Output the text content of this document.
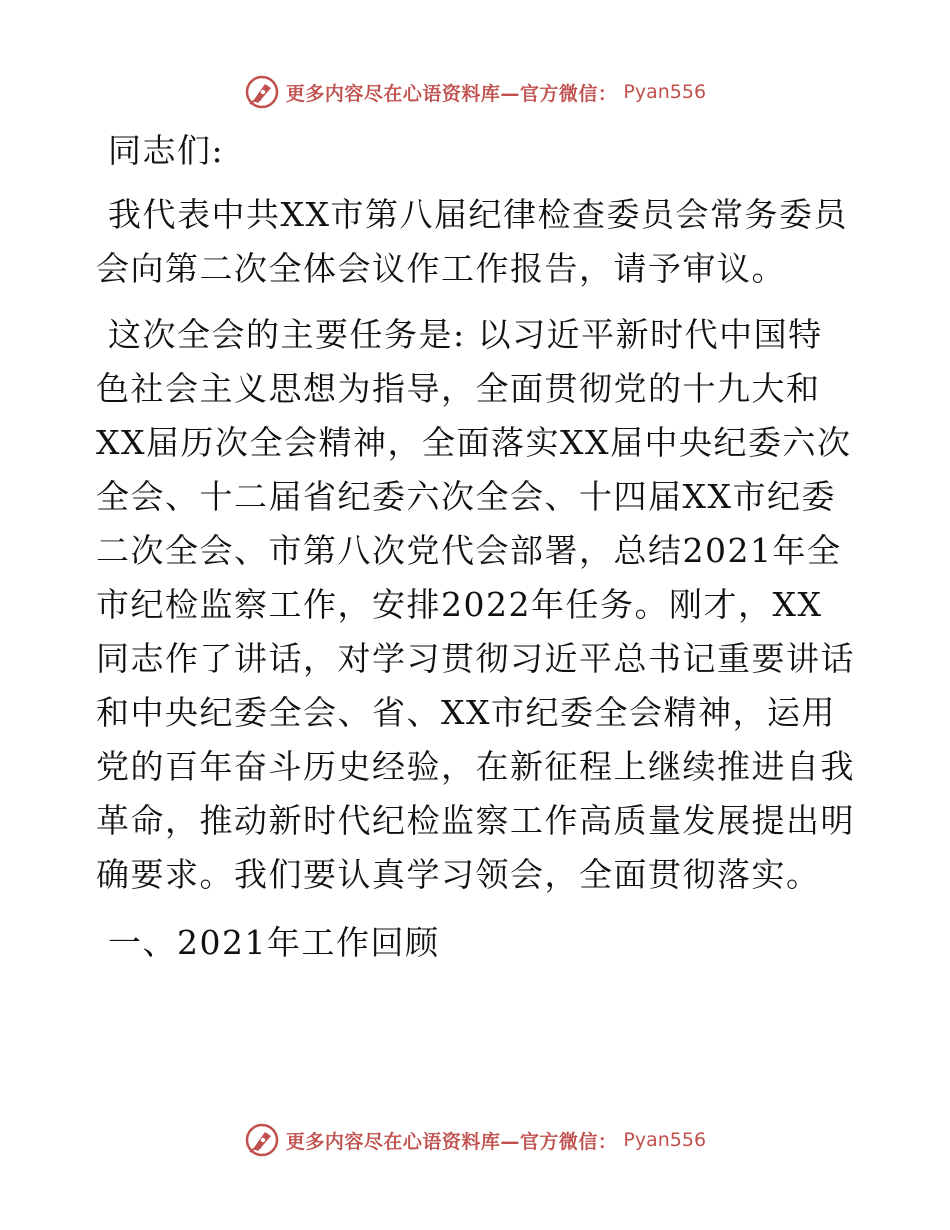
更多内容尽在心语资料库—官方微信： Pyan556

同志们:

我代表中共XX市第八届纪律检查委员会常务委员会向第二次全体会议作工作报告，请予审议。

这次全会的主要任务是: 以习近平新时代中国特色社会主义思想为指导，全面贯彻党的十九大和XX届历次全会精神，全面落实XX届中央纪委六次全会、十二届省纪委六次全会、十四届XX市纪委二次全会、市第八次党代会部署，总结2021年全市纪检监察工作，安排2022年任务。刚才，XX同志作了讲话，对学习贯彻习近平总书记重要讲话和中央纪委全会、省、XX市纪委全会精神，运用党的百年奋斗历史经验，在新征程上继续推进自我革命，推动新时代纪检监察工作高质量发展提出明确要求。我们要认真学习领会，全面贯彻落实。

一、2021年工作回顾

更多内容尽在心语资料库—官方微信： Pyan556
